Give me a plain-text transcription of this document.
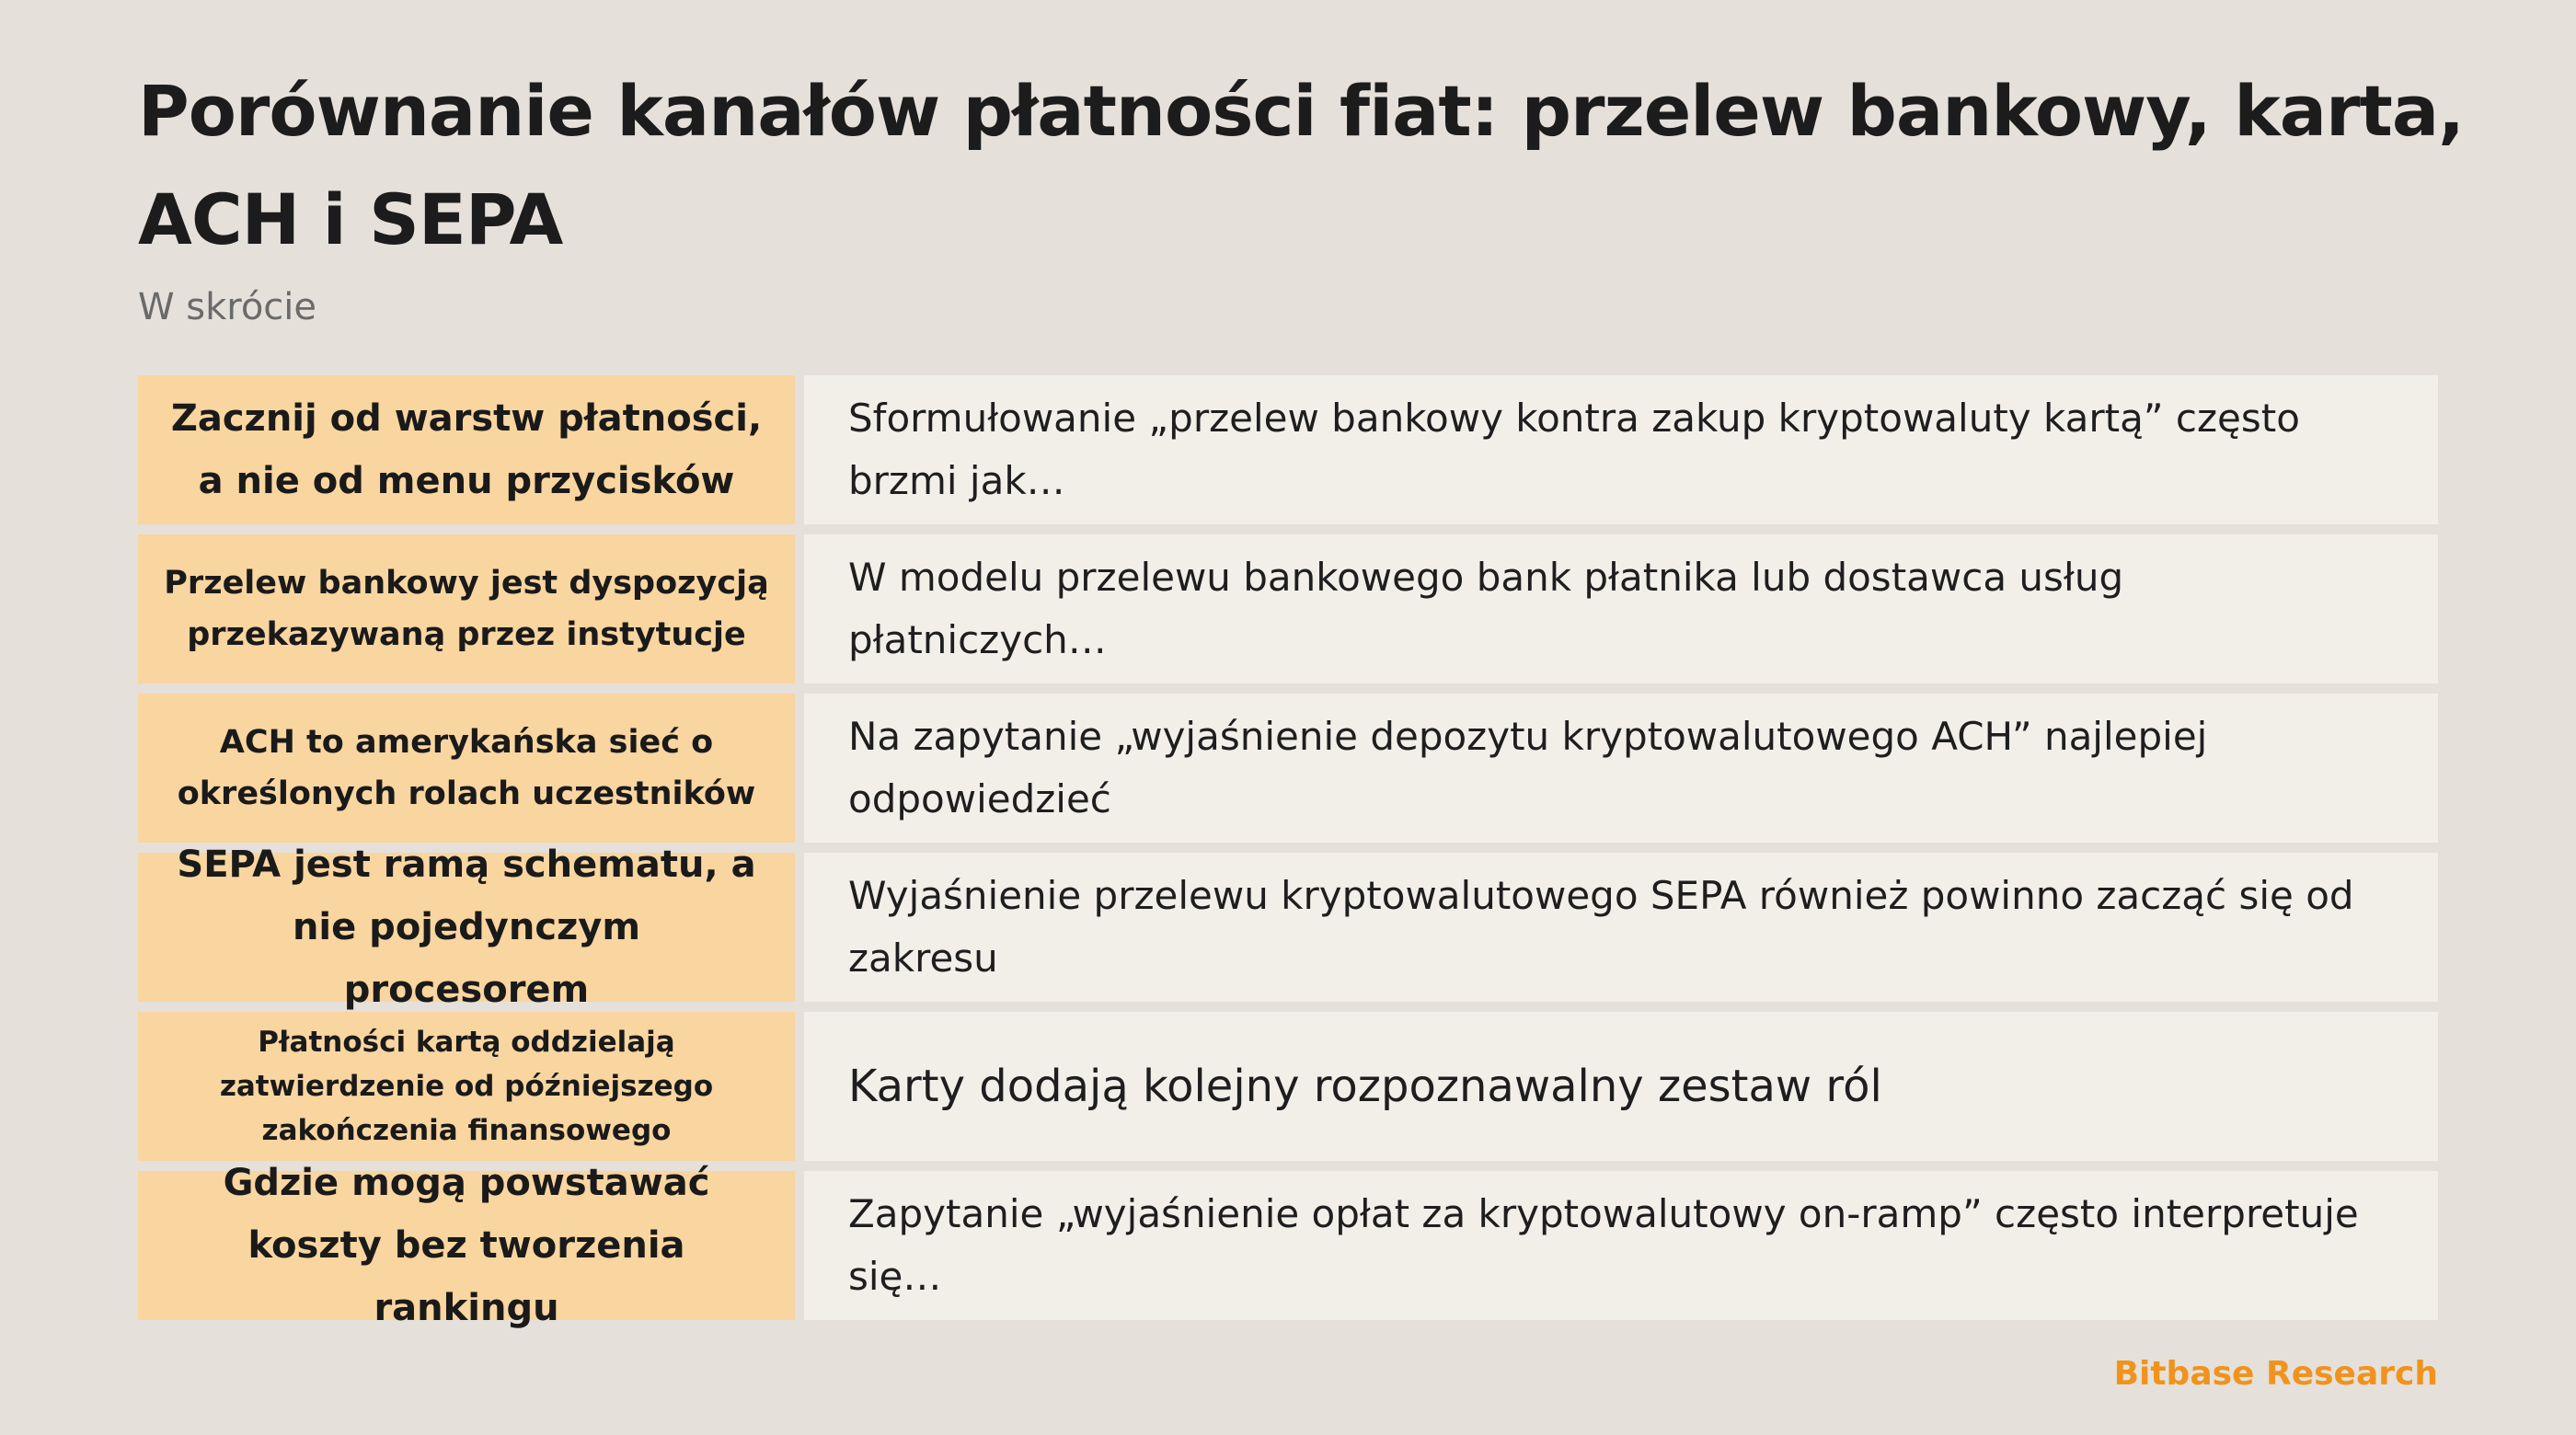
Porównanie kanałów płatności fiat: przelew bankowy, karta, ACH i SEPA
W skrócie
Zacznij od warstw płatności, a nie od menu przycisków
Sformułowanie „przelew bankowy kontra zakup kryptowaluty kartą” często brzmi jak…
Przelew bankowy jest dyspozycją przekazywaną przez instytucje
W modelu przelewu bankowego bank płatnika lub dostawca usług płatniczych…
ACH to amerykańska sieć o określonych rolach uczestników
Na zapytanie „wyjaśnienie depozytu kryptowalutowego ACH” najlepiej odpowiedzieć
SEPA jest ramą schematu, a nie pojedynczym procesorem
Wyjaśnienie przelewu kryptowalutowego SEPA również powinno zacząć się od zakresu
Płatności kartą oddzielają zatwierdzenie od późniejszego zakończenia finansowego
Karty dodają kolejny rozpoznawalny zestaw ról
Gdzie mogą powstawać koszty bez tworzenia rankingu
Zapytanie „wyjaśnienie opłat za kryptowalutowy on-ramp” często interpretuje się…
Bitbase Research
